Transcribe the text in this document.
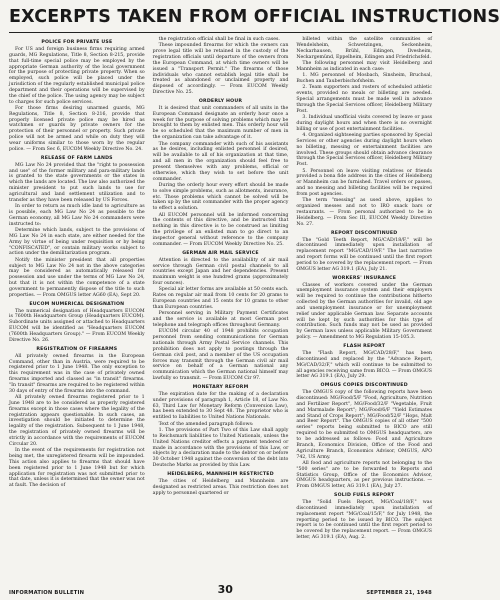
EXCERPTS TAKEN FROM OFFICIAL INSTRUCTIONS
POLICE FOR PRIVATE USE
For US and foreign business firms requiring armed guards, MG Regulations, Title 8, Section 8-215, provide that full-time special police may be employed by the appropriate German authority of the local government for the purpose of protecting private property. When so employed, such police will be placed under the jurisdiction of the regularly established municipal police department and their operations will be supervised by the chief of the police. The using agency may be subject to charges for such police services.
For those firms desiring unarmed guards, MG Regulations, Title 8, Section 8-216, provide that properly licensed private police may be hired as watchmen or guards by private owners for the protection of their personnel or property. Such private police will not be armed and while on duty they will wear uniforms similar to those worn by the regular police. — From Sec 6, EUCOM Weekly Directive No. 24.
RELEASE OF FARM LANDS
MG Law No 24 provided that the "right to possession and use" of the former military and para-military lands is granted to the state governments or the states in which the lands are located. The law also authorized the minister president to put such lands to use for agricultural and land settlement utilization and to transfer as they have been released by US Forces.
In order to return as much idle land to agriculture as is possible, each MG Law No 24 as possible to the German economy, all MG Law No 24 commanders were instructed to:
Determine which lands, subject to the provisions of MG Law No 24 in each state, are either needed for the Army by virtue of being under requisition or by being "CONFISCATED", or contain military works subject to action under the demilitarization program.
Notify the minister president that all properties subject to MG Law No 24 not in the above categories may be considered as automatically released for possession and use under the terms of MG Law No 24, but that it is not within the competence of a state government to permanently dispose of the title to such properties. — From OMGUS letter AG60 (EA), Sept 20.
EUCOM NUMERICAL DESIGNATION
The numerical designation of Headquarters EUCOM is 7600th Headquarters Group (Headquarters EUCOM). Subordinate units assigned or attached to Headquarters EUCOM will be identified as "Headquarters EUCOM (7600th Headquarters Group)." — From EUCOM Weekly Directive No. 26.
REGISTRATION OF FIREARMS
All privately owned firearms in the European Command, other than in Austria, were required to be registered prior to 1 June 1948. The only exception to this requirement was in the case of privately owned firearms imported and classed as "in transit" firearms. "In transit" firearms are required to be registered within 30 days of entry of the firearms into the command.
All privately owned firearms registered prior to 1 June 1948 are to be considered as properly registered firearms except in those cases where the legality of the registration appears questionable. In such cases, an investigation should be initiated to determine the legality of the registration. Subsequent to 1 June 1948, the registration of privately owned firearms will be strictly in accordance with the requirements of EUCOM Circular 20.
In the event of the requirements for registration not being met, the unregistered firearm will be impounded. This action also applies to firearms that should have been registered prior to 1 June 1948 but for which application for registration was not submitted prior to that date, unless it is determined that the owner was not at fault. The decision of
the registration official shall be final in such cases.
These impounded firearms for which the owners can prove legal title will be retained in the custody of the registration officials until departure of the owners from the European Command, at which time owners will be issued a "Transport Permit." The firearms of those individuals who cannot establish legal title shall be treated as abandoned or unclaimed property and disposed of accordingly. — From EUCOM Weekly Directive No. 25.
ORDERLY HOUR
It is desired that unit commanders of all units in the European Command designate an orderly hour once a week for the purpose of solving problems which may be brought to them by enlisted men. This orderly hour will be so scheduled that the maximum number of men in the organization can take advantage of it.
The company commander with such of his assistants as he desires, including enlisted personnel if desired, will be available to all of his organization at that time, and all men in the organization should feel free to present themselves with any problems, official or otherwise, which they wish to set before the unit commander.
During the orderly hour every effort should be made to solve simple problems, such as allotments, insurance, etc. Those problems which cannot be solved will be taken up by the unit commander with the proper agency to effect a solution.
All EUCOM personnel will be informed concerning the contents of this directive, and be instructed that nothing in this directive is to be construed as limiting the privilege of an enlisted man to go direct to an inspector general without reference to the company commander. — From EUCOM Weekly Directive No. 25.
GERMAN AIR MAIL SERVICE
Attention is directed to the availability of air mail service through German civil postal channels to all countries except Japan and her dependencies. Present maximum weight is one hundred grams (approximately four ounces).
Special air letter forms are available at 50 cents each. Rates on regular air mail from 10 cents for 20 grams to European countries and 15 cents for 10 grams to other than European countries.
Personnel serving in Military Payment Certificates and the service is available at most German post telephone and telegraph offices throughout Germany.
EUCOM circular 40 of 1948 prohibits occupation personnel from sending communications for German nationals through Army Postal Service channels. This prohibition does not apply to postings through the German civil post, and a member of the US occupation forces may transmit through the German civil air mail service on behalf of a German national any communication which the German national himself may lawfully so transmit. — From EUCOM Cir 97.
MONETARY REFORM
The expiration date for the making of a declaration under provisions of paragraph 1, Article 18, of Law No. 63, Third Law for Monetary Reform (Conversion Law), has been extended to 30 Sept 48. The proprietor who is entitled to liabilities to United Nations Nationals.
Text of the amended paragraph follows:
1. The provisions of Part Two of this Law shall apply to Reichsmark liabilities to United Nationals, unless the United Nations creditor effects a payment tendered or made in accordance with the provisions of this Law, or objects by a declaration made to the debtor on or before 30 October 1948 against the conversion of the debt into Deutsche Marks as provided by this Law.
HEIDELBERG, MANNHEIM RESTRICTED
The cities of Heidelberg and Mannheim are designated as restricted areas. This restriction does not apply to personnel quartered or
billeted within the satellite communities of Wendelsheim, Schwetzingen, Seckenheim, Neckarhausen, Brühl, Edingen, Ilvesheim, Neckargemünd, Eppelheim, Edingen and Friedrichsfeld.
The following personnel may visit Heidelberg and Mannheim as indicated in each case:
1. MG personnel of Mosbach, Sinsheim, Bruchsal, Buchen and Tauberbischofsheim.
2. Team supporters and rosters of scheduled athletic events, provided no meals or billeting are needed. Special arrangements must be made well in advance through the Special Services officer, Heidelberg Military Post.
3. Individual unofficial visits covered by leave or pass during daylight hours and when there is no overnight billing or use of post entertainment facilities.
4. Organized sightseeing parties sponsored by Special Services or other agencies during daylight hours when no billeting, messing or entertainment facilities are involved. These groups should obtain advance clearance through the Special Services officer, Heidelberg Military Post.
5. Personnel on leave visiting relatives or friends provided a bona fide address in the cities of Heidelberg or Mannheim can be furnished. Travel orders or passes, and no messing and billeting facilities will be required from post agencies.
The term "messing" as used above, applies to organized messes and not to IRO snack bars or restaurants. — From personal authorized to be in Heidelberg. — From Sec III, EUCOM Weekly Directive No. 27.
REPORT DISCONTINUED
The "Gold Teeth Report, MG/CAD/18/F," will be discontinued immediately upon installation of replacement report "MG/CAD/19/F." The last narrative and report forms will be continued until the first report period to be covered by the replacement report. — From OMGUS letter AG 319.1 (EA), July 21.
WORKERS' INSURANCE
Classes of workers covered under the German unemployment insurance system and their employers will be required to continue the contributions hitherto collected by the German authorities for invalid, old age and unemployment insurance or for unemployment relief under applicable German law. Separate accounts will be kept by such authorities for this type of contribution. Such funds may not be used as provided by German laws unless applicable Military Government policy. — Amendment to MG Regulation 15-105.3.
FLASH REPORT
The "Flash Report, MG/CAD/28/F," has been discontinued and replaced by the "Advance Report, MG/CAD/32/F," which will continue to be submitted to all agencies receiving same from BICO. — From OMGUS letter AG 319.1 (EA), July 29.
OMGUS COPIES DISCONTINUED
The OMGUS copy of the following reports have been discontinued: MG/Food/5/F "Food, Agriculture, Nutrition and Fertilizer Report", MG/Food/32/F "Vegetable, Fruit and Marmalade Report"; MG/Food/6/F "Yield Estimates and Stand of Crops Report"; MG/Food/52/F "Hops, Malt and Beer Report". The OMGUS copies of all other "500 series" reports being submitted to BICO are still required to be submitted to OMGUS headquarters, are to be addressed as follows: Food and Agriculture Branch, Economics Division, Office of the Food and Agriculture Branch, Economics Advisor, OMGUS, APO 742, US Army.
All food and agriculture reports not belonging to the "500 series" are to be forwarded to Reports and Statistics Group, Office of the Economics Advisor, OMGUS headquarters, as per previous instructions. — From OMGUS letter, AG 319.1 (EA), July 27.
SOLID FUELS REPORT
The "Solid Fuels Report, MG/Coal/18/F," was discontinued immediately upon installation of replacement report "MG/Coal/15/F," for July 1948, the reporting period to be issued by BICO. The subject report is to be continued until the first report period to be covered by the replacement report. — From OMGUS letter, AG 319.1 (EA), Aug. 2.
INFORMATION BULLETIN	30	SEPTEMBER 21, 1948
